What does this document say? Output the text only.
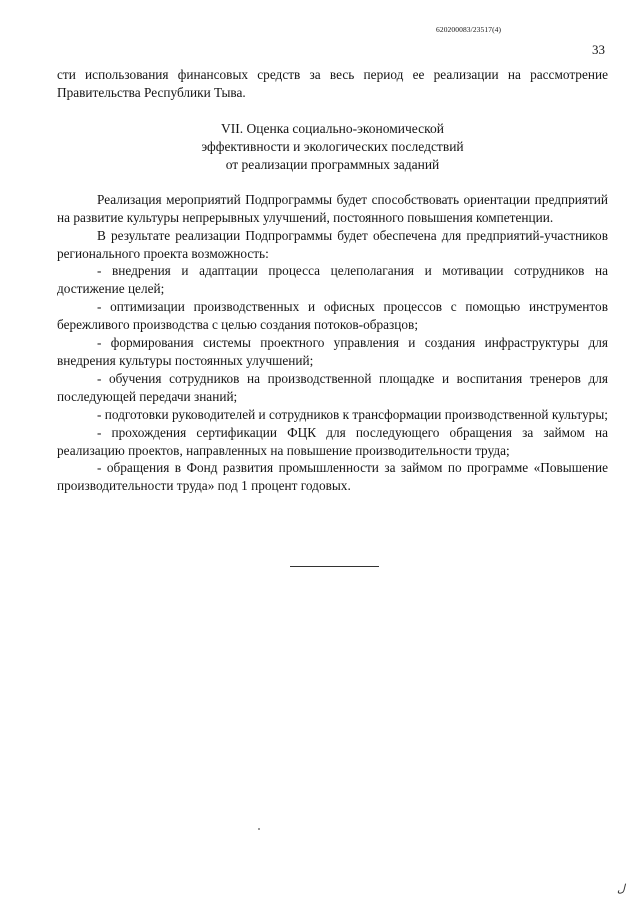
620200083/23517(4)
33

сти использования финансовых средств за весь период ее реализации на рассмотрение Правительства Республики Тыва.

VII. Оценка социально-экономической
эффективности и экологических последствий
от реализации программных заданий

Реализация мероприятий Подпрограммы будет способствовать ориентации предприятий на развитие культуры непрерывных улучшений, постоянного повышения компетенции.

В результате реализации Подпрограммы будет обеспечена для предприятий-участников регионального проекта возможность:

- внедрения и адаптации процесса целеполагания и мотивации сотрудников на достижение целей;

- оптимизации производственных и офисных процессов с помощью инструментов бережливого производства с целью создания потоков-образцов;

- формирования системы проектного управления и создания инфраструктуры для внедрения культуры постоянных улучшений;

- обучения сотрудников на производственной площадке и воспитания тренеров для последующей передачи знаний;

- подготовки руководителей и сотрудников к трансформации производственной культуры;

- прохождения сертификации ФЦК для последующего обращения за займом на реализацию проектов, направленных на повышение производительности труда;

- обращения в Фонд развития промышленности за займом по программе «Повышение производительности труда» под 1 процент годовых.

ل
